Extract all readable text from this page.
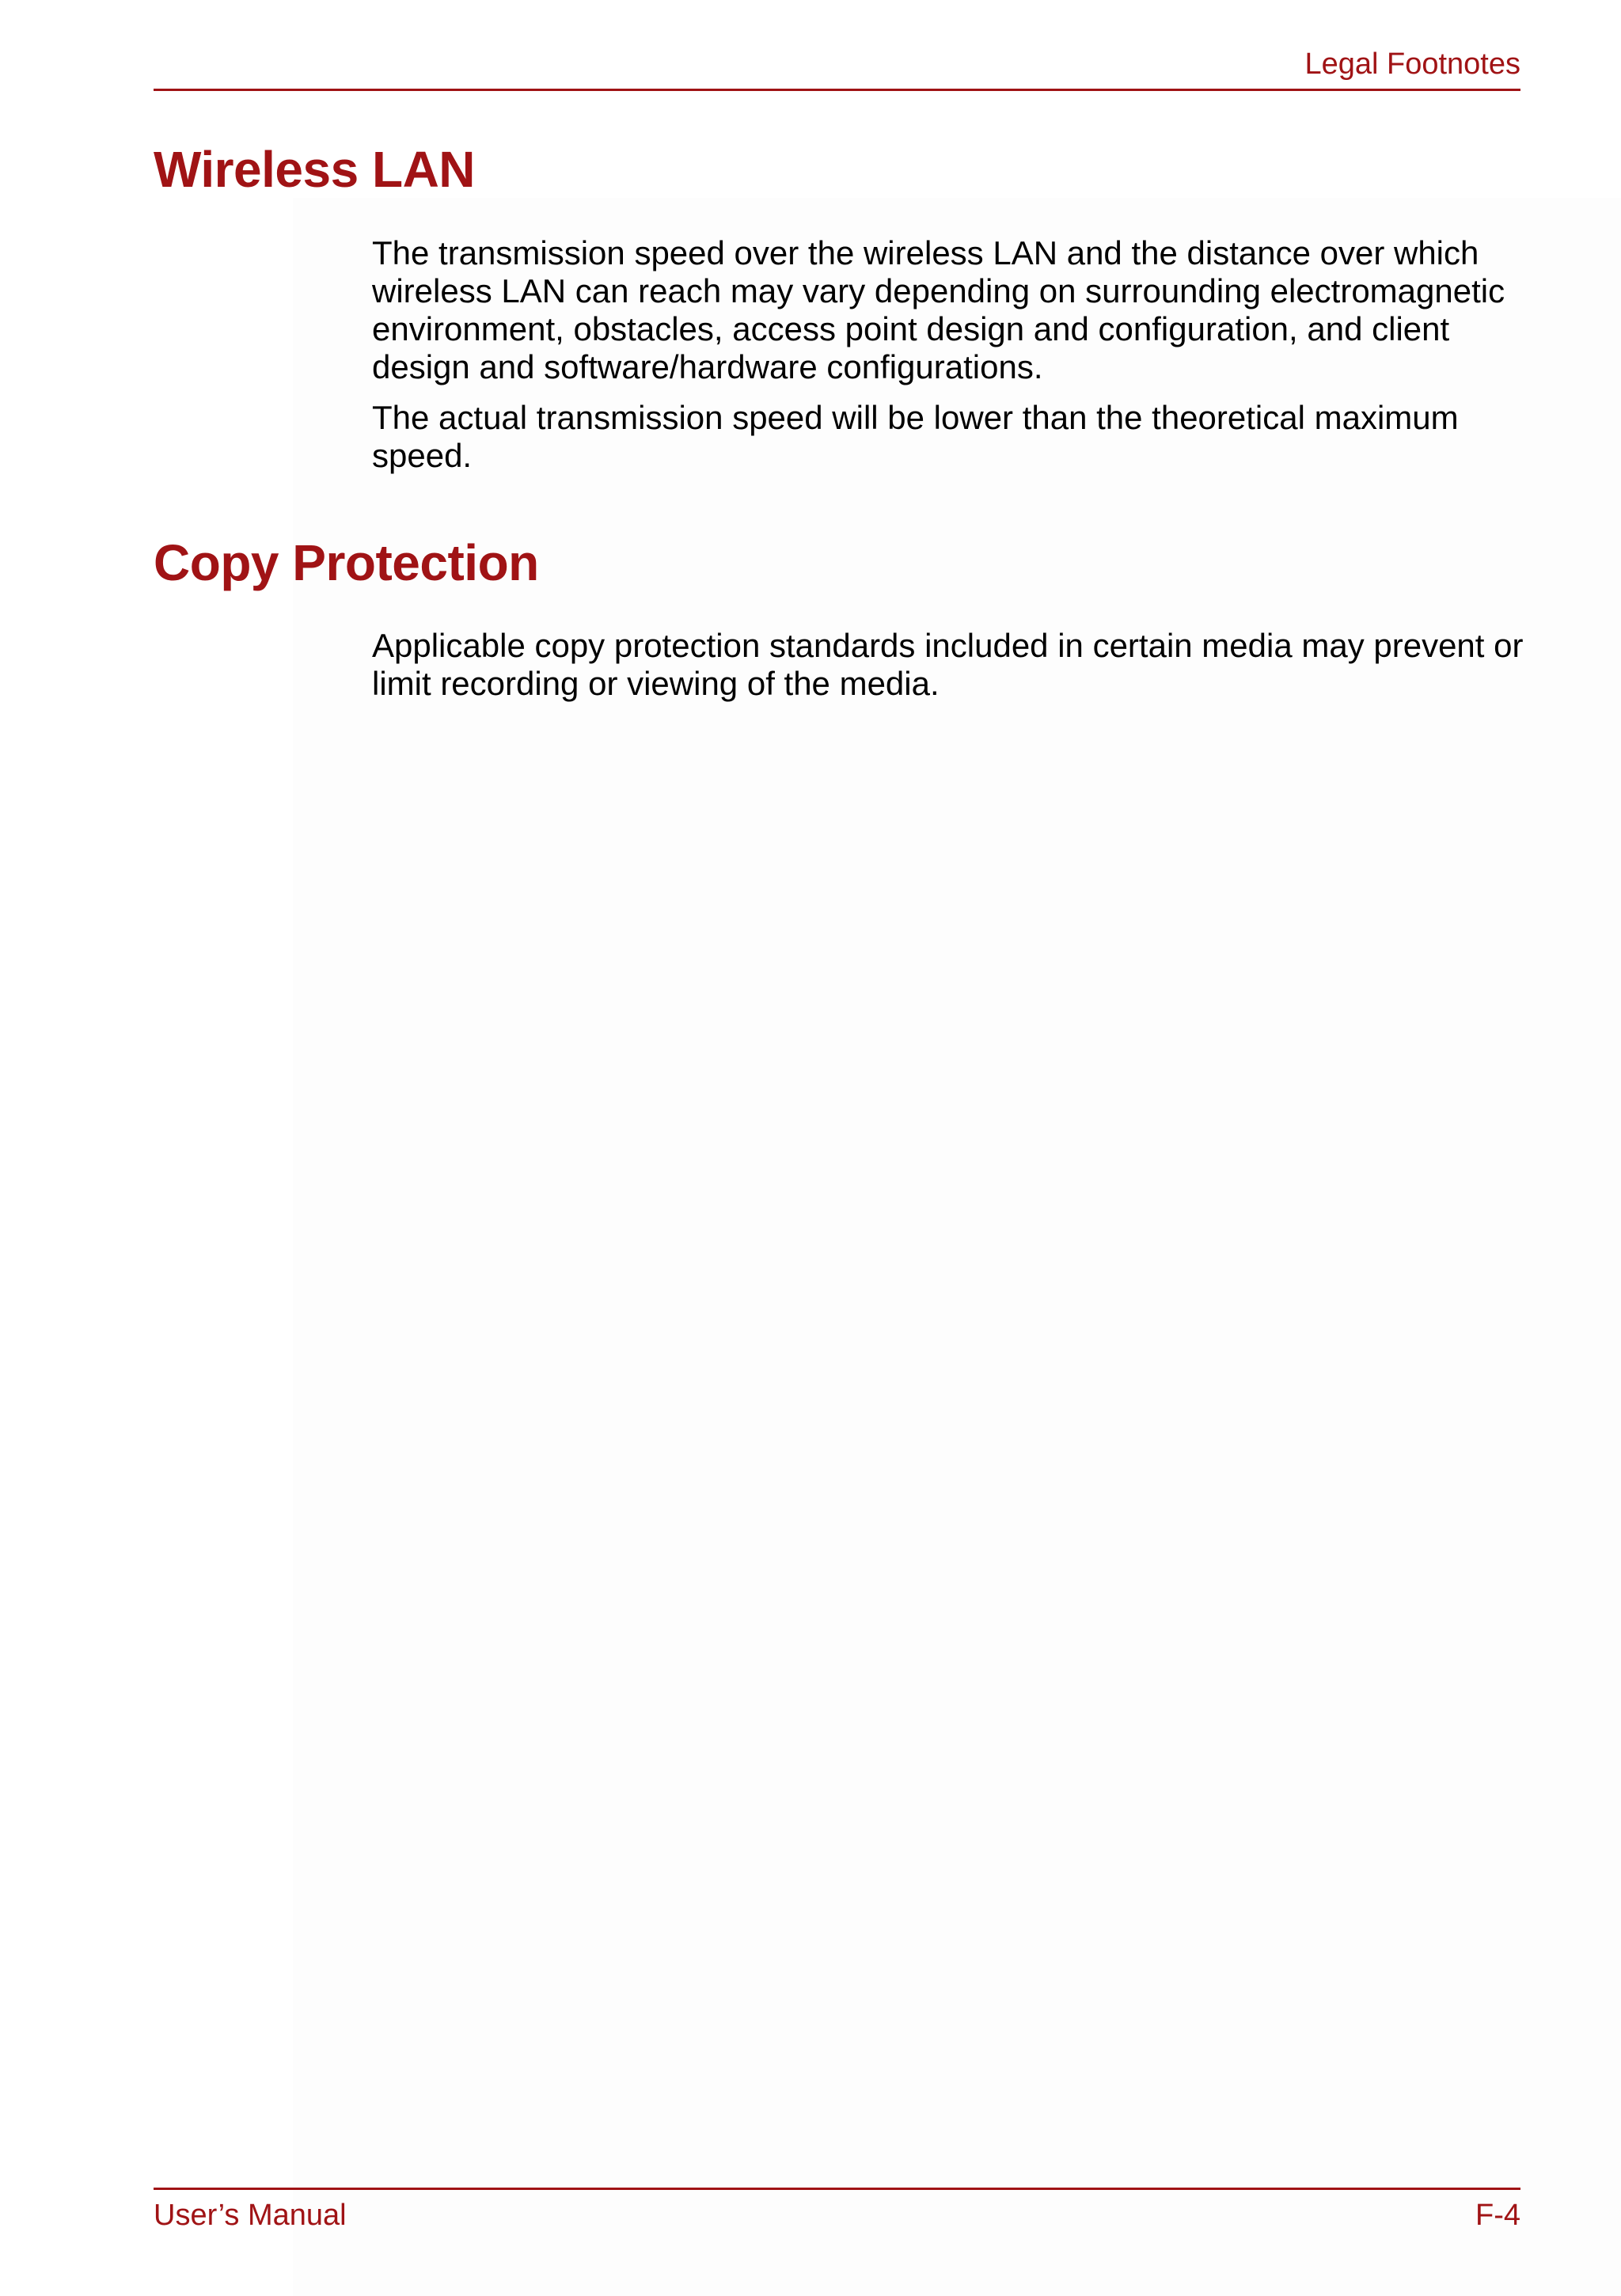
Legal Footnotes
Wireless LAN

The transmission speed over the wireless LAN and the distance over which wireless LAN can reach may vary depending on surrounding electromagnetic environment, obstacles, access point design and configuration, and client design and software/hardware configurations.

The actual transmission speed will be lower than the theoretical maximum speed.

Copy Protection

Applicable copy protection standards included in certain media may prevent or limit recording or viewing of the media.

User’s Manual	F-4
